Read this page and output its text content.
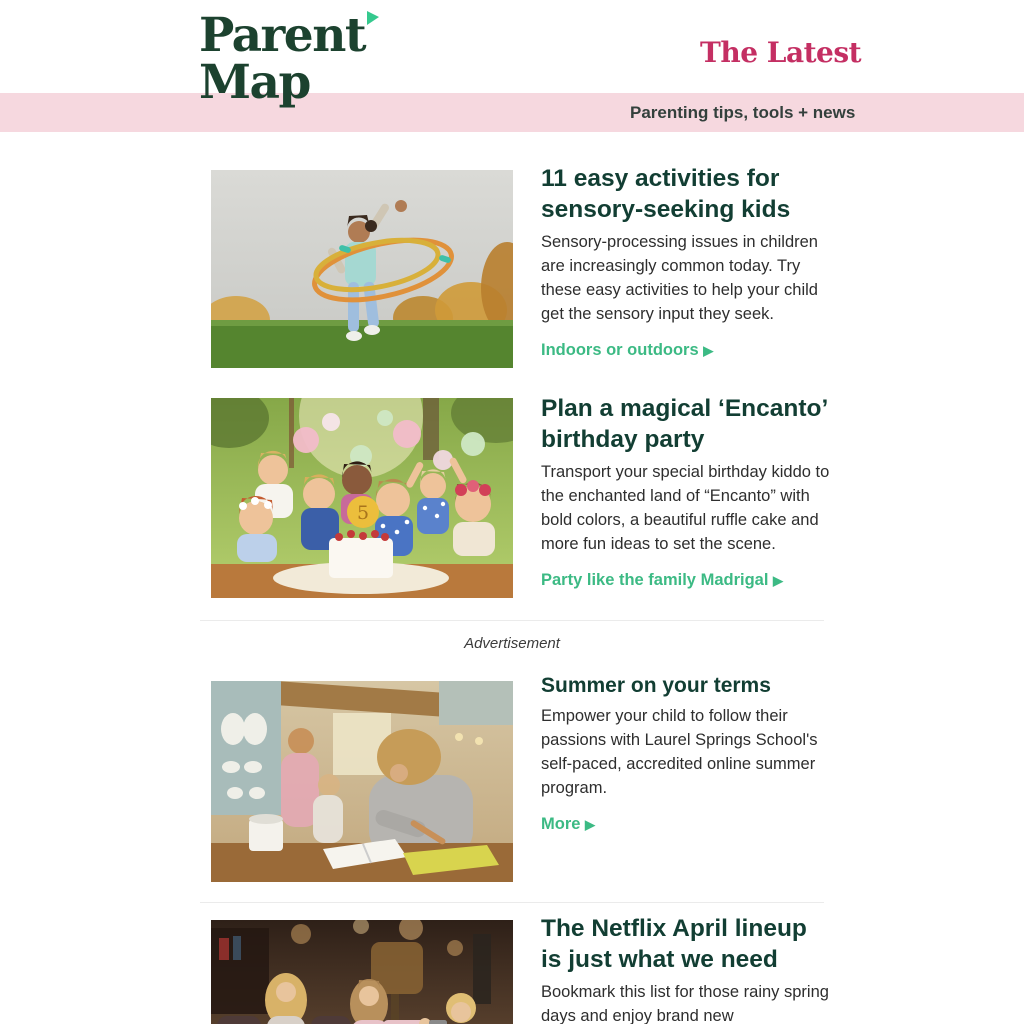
Parenting tips, tools + news
Parent
Map
The Latest
11 easy activities for sensory-seeking kids

Sensory-processing issues in children are increasingly common today. Try these easy activities to help your child get the sensory input they seek.

Indoors or outdoors ▶
5
Plan a magical ‘Encanto’ birthday party

Transport your special birthday kiddo to the enchanted land of “Encanto” with bold colors, a beautiful ruffle cake and more fun ideas to set the scene.

Party like the family Madrigal ▶
Advertisement
Summer on your terms

Empower your child to follow their passions with Laurel Springs School's self-paced, accredited online summer program.

More ▶
The Netflix April lineup is just what we need

Bookmark this list for those rainy spring days and enjoy brand new
